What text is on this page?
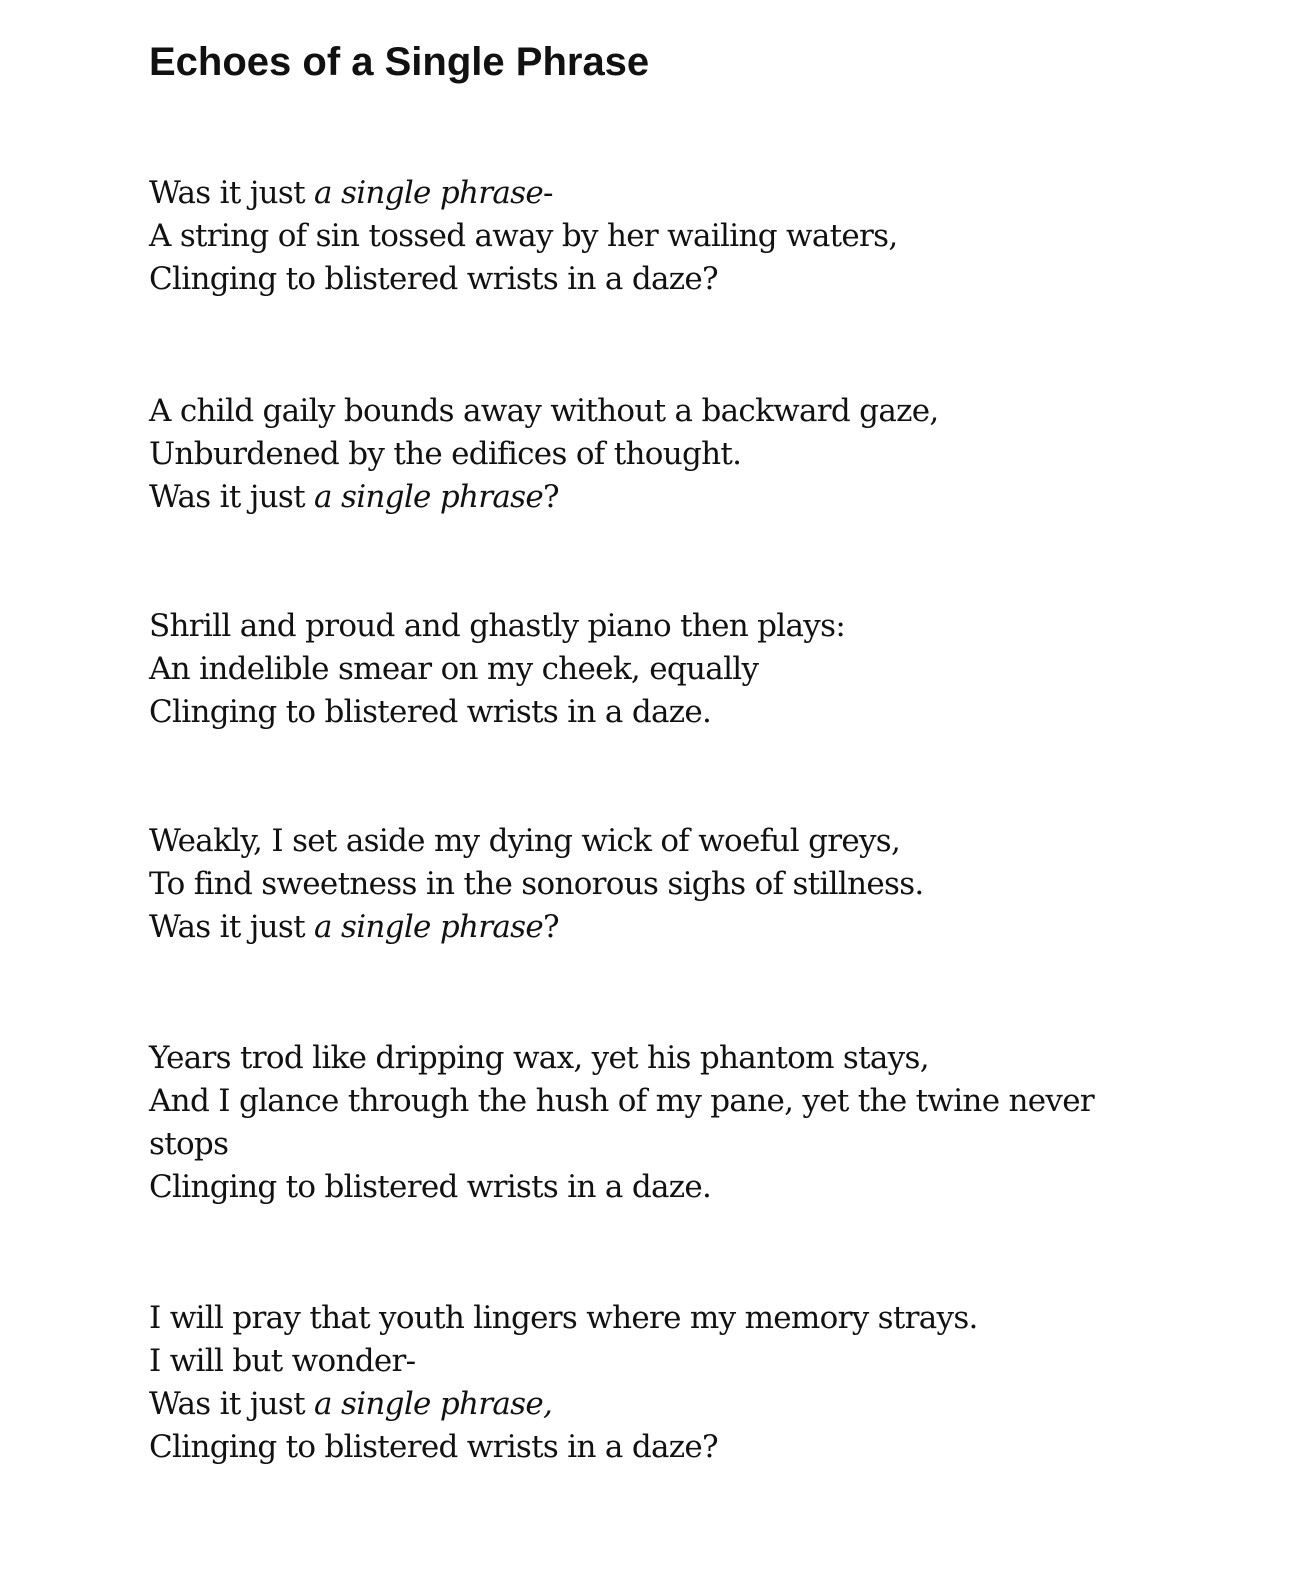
Echoes of a Single Phrase
Was it just a single phrase-
A string of sin tossed away by her wailing waters,
Clinging to blistered wrists in a daze?
A child gaily bounds away without a backward gaze,
Unburdened by the edifices of thought.
Was it just a single phrase?
Shrill and proud and ghastly piano then plays:
An indelible smear on my cheek, equally
Clinging to blistered wrists in a daze.
Weakly, I set aside my dying wick of woeful greys,
To find sweetness in the sonorous sighs of stillness.
Was it just a single phrase?
Years trod like dripping wax, yet his phantom stays,
And I glance through the hush of my pane, yet the twine never
stops
Clinging to blistered wrists in a daze.
I will pray that youth lingers where my memory strays.
I will but wonder-
Was it just a single phrase,
Clinging to blistered wrists in a daze?
